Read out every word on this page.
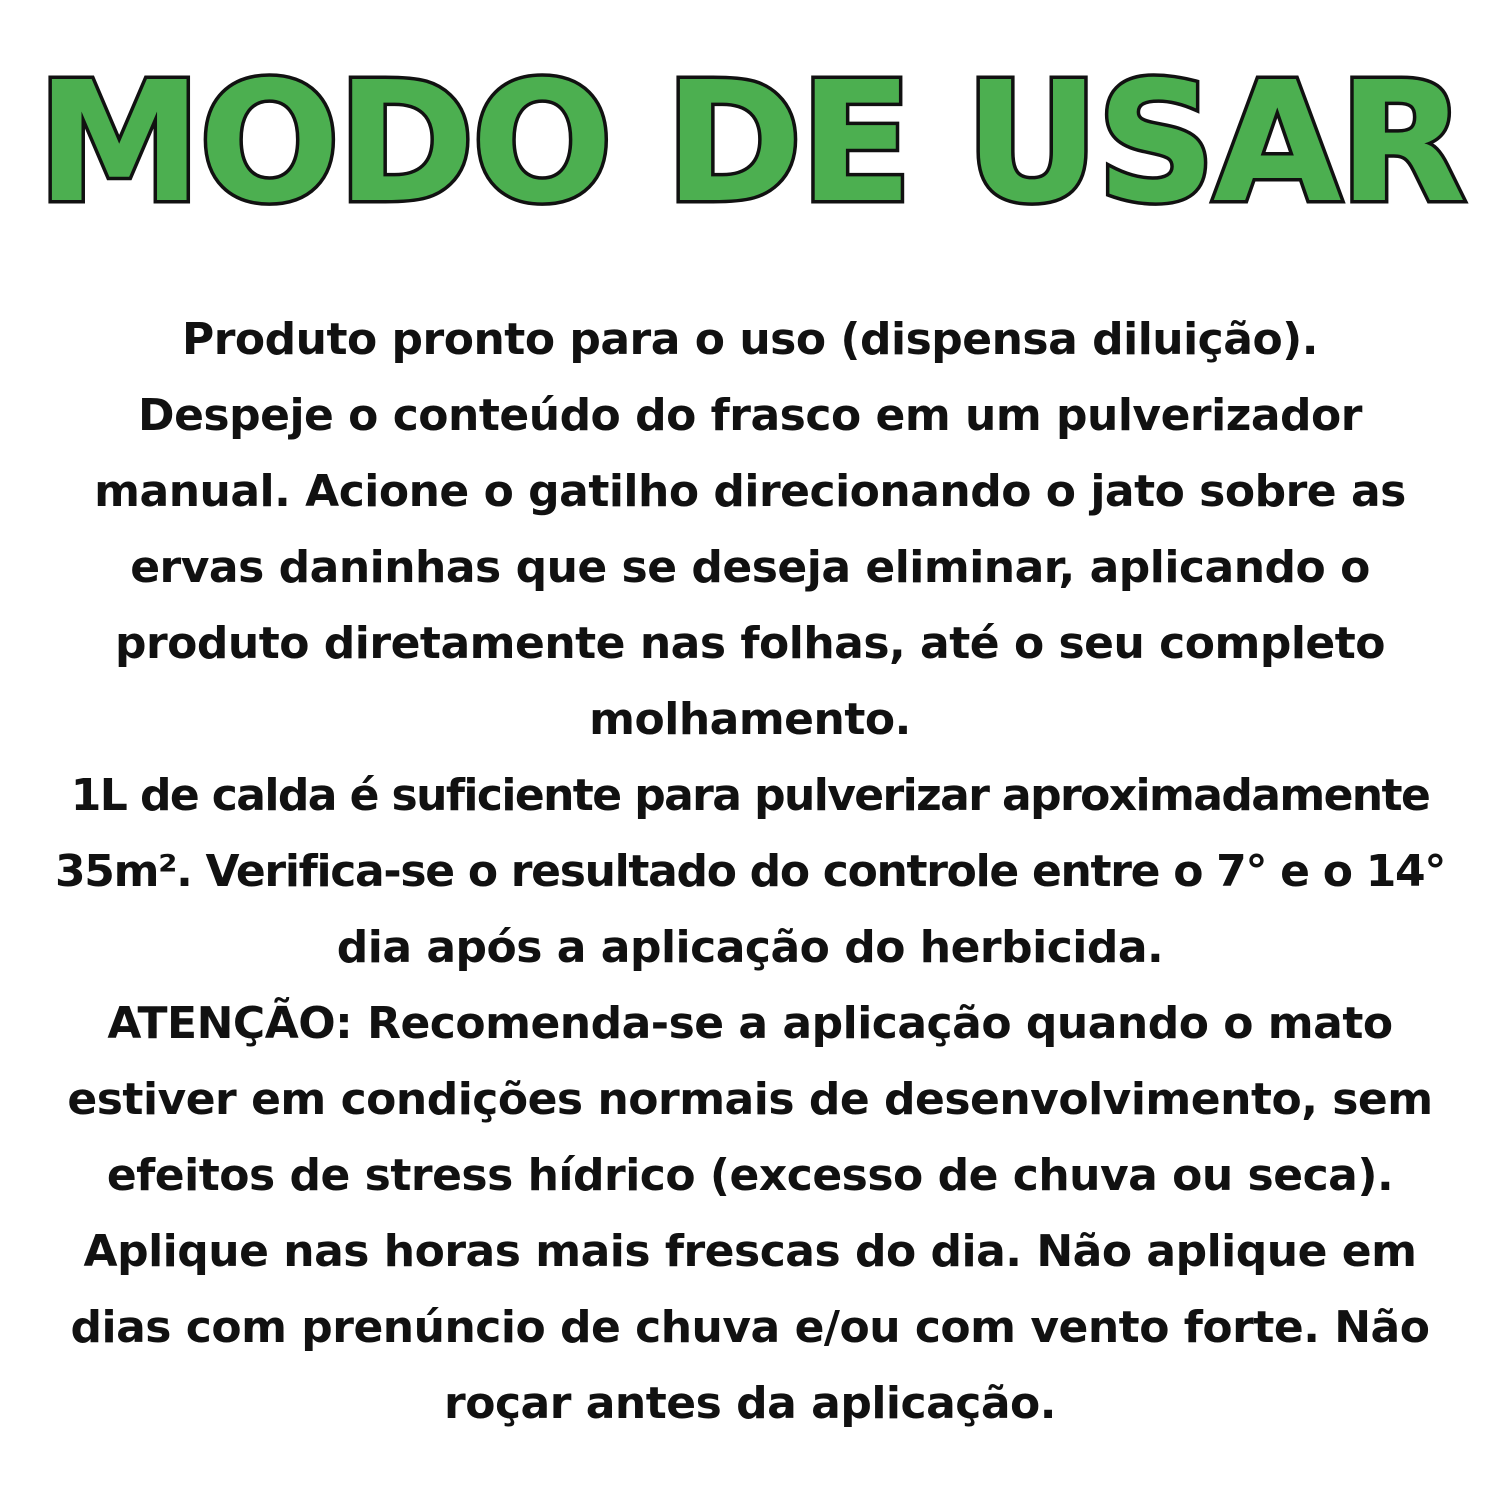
MODO DE USAR
Produto pronto para o uso (dispensa diluição).
Despeje o conteúdo do frasco em um pulverizador
manual. Acione o gatilho direcionando o jato sobre as
ervas daninhas que se deseja eliminar, aplicando o
produto diretamente nas folhas, até o seu completo
molhamento.
1L de calda é suficiente para pulverizar aproximadamente
35m². Verifica-se o resultado do controle entre o 7° e o 14°
dia após a aplicação do herbicida.
ATENÇÃO: Recomenda-se a aplicação quando o mato
estiver em condições normais de desenvolvimento, sem
efeitos de stress hídrico (excesso de chuva ou seca).
Aplique nas horas mais frescas do dia. Não aplique em
dias com prenúncio de chuva e/ou com vento forte. Não
roçar antes da aplicação.
